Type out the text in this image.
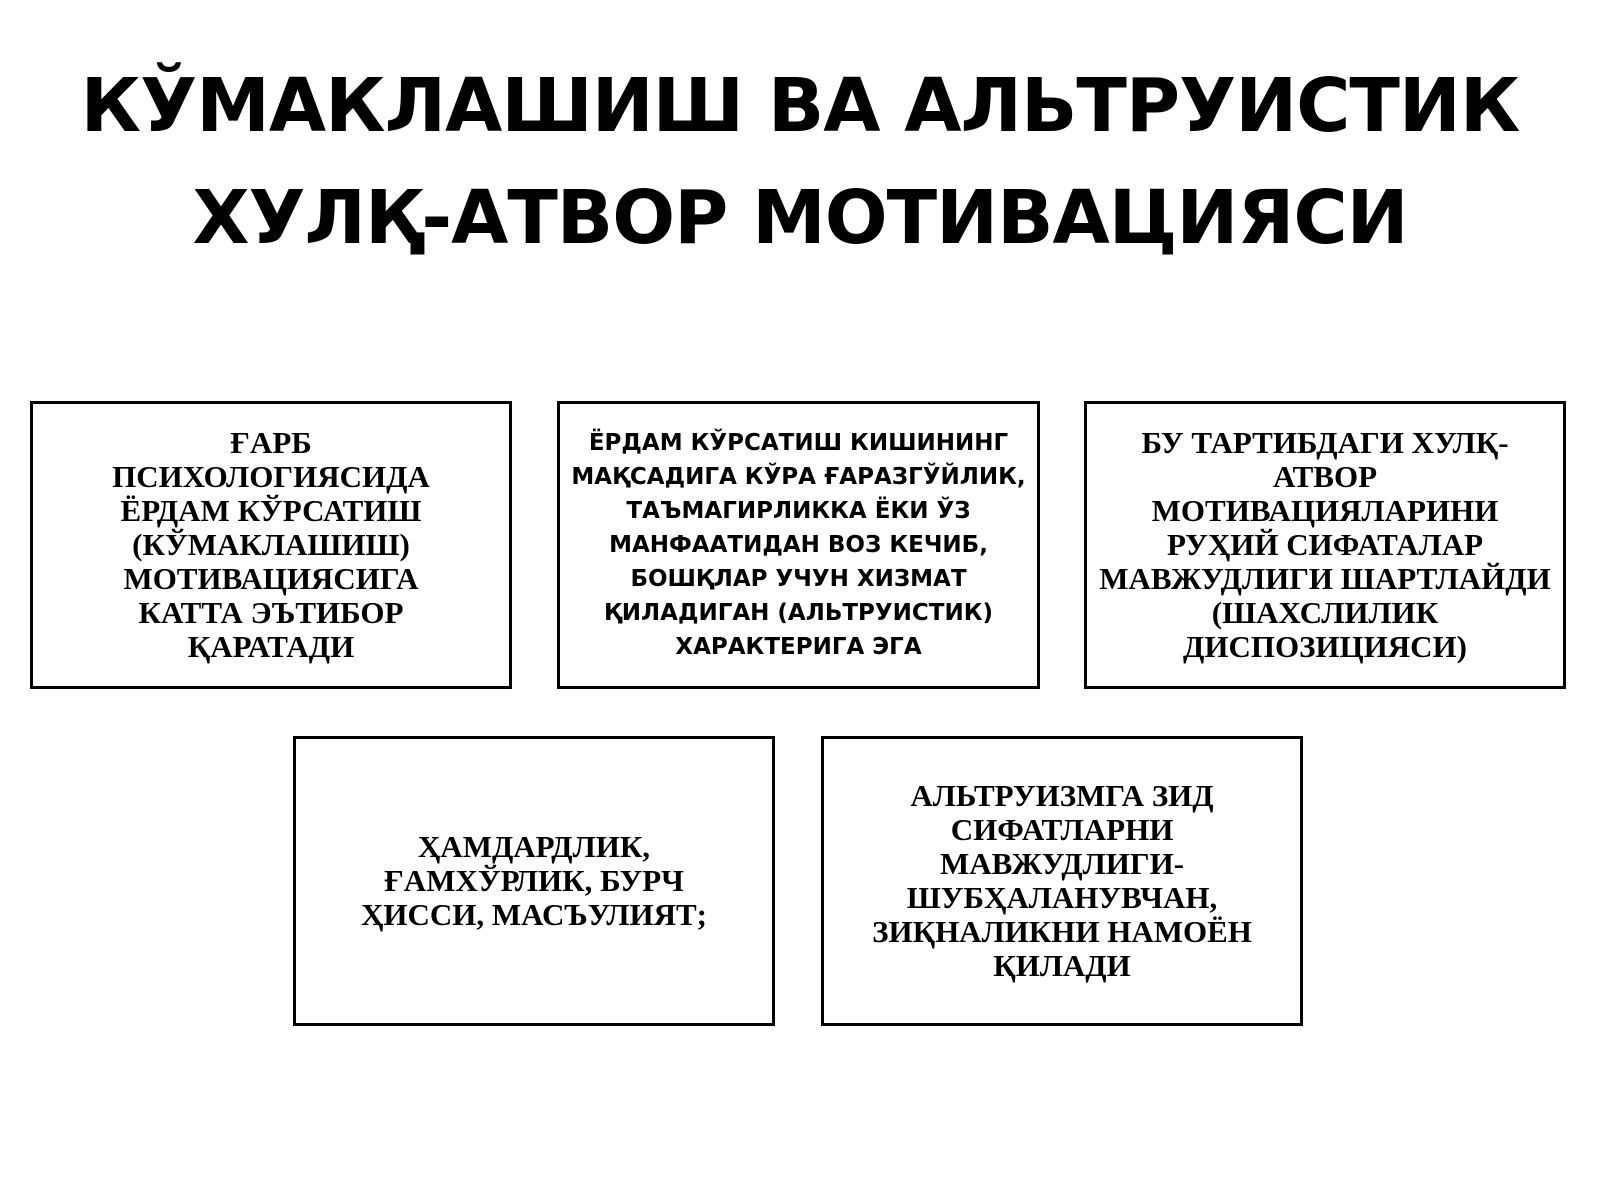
КЎМАКЛАШИШ ВА АЛЬТРУИСТИК
ХУЛҚ-АТВОР МОТИВАЦИЯСИ
ҒАРБ
ПСИХОЛОГИЯСИДА
ЁРДАМ КЎРСАТИШ
(КЎМАКЛАШИШ)
МОТИВАЦИЯСИГА
КАТТА ЭЪТИБОР
ҚАРАТАДИ
ЁРДАМ КЎРСАТИШ КИШИНИНГ
МАҚСАДИГА КЎРА ҒАРАЗГЎЙЛИК,
ТАЪМАГИРЛИККА ЁКИ ЎЗ
МАНФААТИДАН ВОЗ КЕЧИБ,
БОШҚЛАР УЧУН ХИЗМАТ
ҚИЛАДИГАН (АЛЬТРУИСТИК)
ХАРАКТЕРИГА ЭГА
БУ ТАРТИБДАГИ ХУЛҚ-
АТВОР
МОТИВАЦИЯЛАРИНИ
РУҲИЙ СИФАТАЛАР
МАВЖУДЛИГИ ШАРТЛАЙДИ
(ШАХСЛИЛИК
ДИСПОЗИЦИЯСИ)
ҲАМДАРДЛИК,
ҒАМХЎРЛИК, БУРЧ
ҲИССИ, МАСЪУЛИЯТ;
АЛЬТРУИЗМГА ЗИД
СИФАТЛАРНИ
МАВЖУДЛИГИ-
ШУБҲАЛАНУВЧАН,
ЗИҚНАЛИКНИ НАМОЁН
ҚИЛАДИ
